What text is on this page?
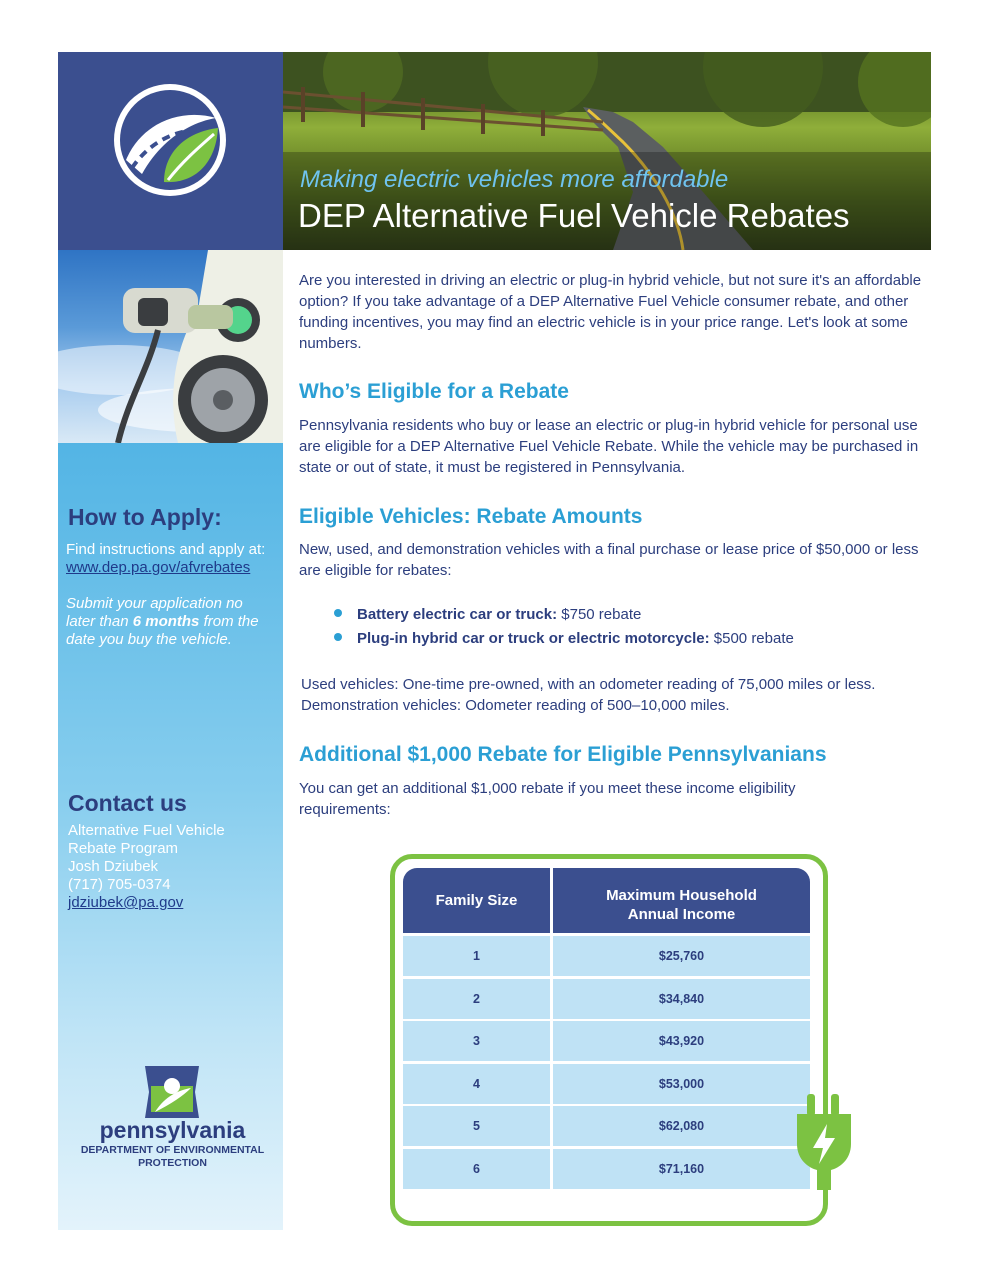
Making electric vehicles more affordable
DEP Alternative Fuel Vehicle Rebates
How to Apply:
Find instructions and apply at:
www.dep.pa.gov/afvrebates
Submit your application no
later than 6 months from the
date you buy the vehicle.
Contact us
Alternative Fuel Vehicle
Rebate Program
Josh Dziubek
(717) 705-0374
jdziubek@pa.gov
pennsylvania
DEPARTMENT OF ENVIRONMENTAL PROTECTION
Are you interested in driving an electric or plug-in hybrid vehicle, but not sure it's an affordable option? If you take advantage of a DEP Alternative Fuel Vehicle consumer rebate, and other funding incentives, you may find an electric vehicle is in your price range. Let's look at some numbers.
Who’s Eligible for a Rebate
Pennsylvania residents who buy or lease an electric or plug-in hybrid vehicle for personal use are eligible for a DEP Alternative Fuel Vehicle Rebate. While the vehicle may be purchased in state or out of state, it must be registered in Pennsylvania.
Eligible Vehicles: Rebate Amounts
New, used, and demonstration vehicles with a final purchase or lease price of $50,000 or less are eligible for rebates:
Battery electric car or truck: $750 rebate
Plug-in hybrid car or truck or electric motorcycle: $500 rebate
Used vehicles: One-time pre-owned, with an odometer reading of 75,000 miles or less.
Demonstration vehicles: Odometer reading of 500–10,000 miles.
Additional $1,000 Rebate for Eligible Pennsylvanians
You can get an additional $1,000 rebate if you meet these income eligibility requirements:
Family Size	Maximum Household
Annual Income
1	$25,760
2	$34,840
3	$43,920
4	$53,000
5	$62,080
6	$71,160
